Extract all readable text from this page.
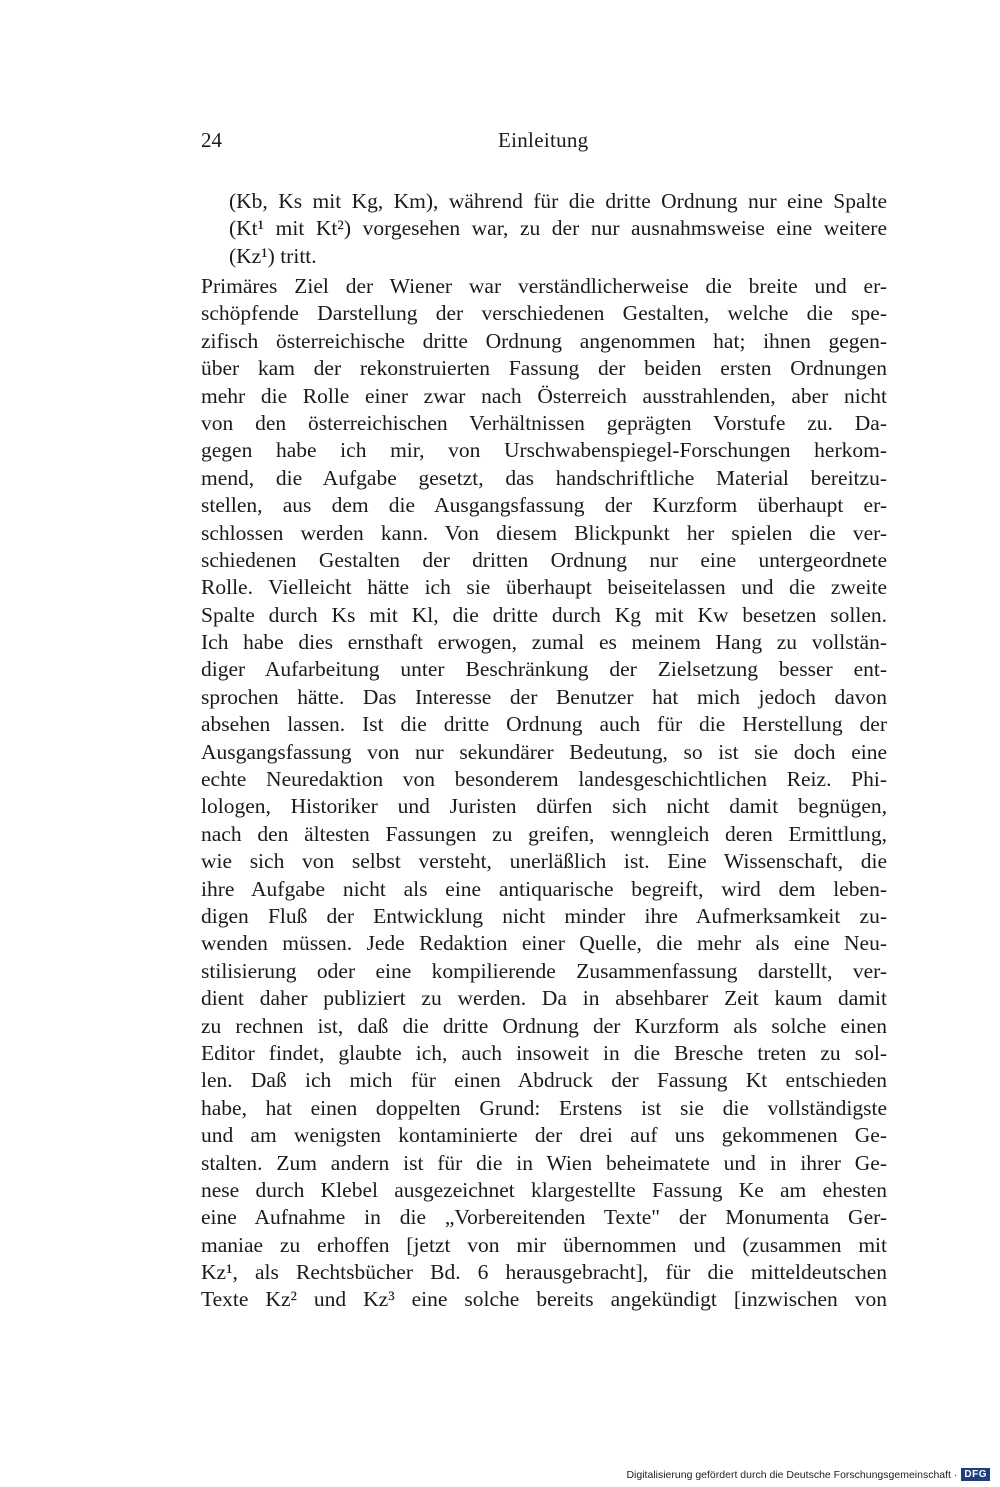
24	Einleitung
(Kb, Ks mit Kg, Km), während für die dritte Ordnung nur eine Spalte
(Kt¹ mit Kt²) vorgesehen war, zu der nur ausnahmsweise eine weitere
(Kz¹) tritt.
Primäres Ziel der Wiener war verständlicherweise die breite und er-
schöpfende Darstellung der verschiedenen Gestalten, welche die spe-
zifisch österreichische dritte Ordnung angenommen hat; ihnen gegen-
über kam der rekonstruierten Fassung der beiden ersten Ordnungen
mehr die Rolle einer zwar nach Österreich ausstrahlenden, aber nicht
von den österreichischen Verhältnissen geprägten Vorstufe zu. Da-
gegen habe ich mir, von Urschwabenspiegel-Forschungen herkom-
mend, die Aufgabe gesetzt, das handschriftliche Material bereitzu-
stellen, aus dem die Ausgangsfassung der Kurzform überhaupt er-
schlossen werden kann. Von diesem Blickpunkt her spielen die ver-
schiedenen Gestalten der dritten Ordnung nur eine untergeordnete
Rolle. Vielleicht hätte ich sie überhaupt beiseitelassen und die zweite
Spalte durch Ks mit Kl, die dritte durch Kg mit Kw besetzen sollen.
Ich habe dies ernsthaft erwogen, zumal es meinem Hang zu vollstän-
diger Aufarbeitung unter Beschränkung der Zielsetzung besser ent-
sprochen hätte. Das Interesse der Benutzer hat mich jedoch davon
absehen lassen. Ist die dritte Ordnung auch für die Herstellung der
Ausgangsfassung von nur sekundärer Bedeutung, so ist sie doch eine
echte Neuredaktion von besonderem landesgeschichtlichen Reiz. Phi-
lologen, Historiker und Juristen dürfen sich nicht damit begnügen,
nach den ältesten Fassungen zu greifen, wenngleich deren Ermittlung,
wie sich von selbst versteht, unerläßlich ist. Eine Wissenschaft, die
ihre Aufgabe nicht als eine antiquarische begreift, wird dem leben-
digen Fluß der Entwicklung nicht minder ihre Aufmerksamkeit zu-
wenden müssen. Jede Redaktion einer Quelle, die mehr als eine Neu-
stilisierung oder eine kompilierende Zusammenfassung darstellt, ver-
dient daher publiziert zu werden. Da in absehbarer Zeit kaum damit
zu rechnen ist, daß die dritte Ordnung der Kurzform als solche einen
Editor findet, glaubte ich, auch insoweit in die Bresche treten zu sol-
len. Daß ich mich für einen Abdruck der Fassung Kt entschieden
habe, hat einen doppelten Grund: Erstens ist sie die vollständigste
und am wenigsten kontaminierte der drei auf uns gekommenen Ge-
stalten. Zum andern ist für die in Wien beheimatete und in ihrer Ge-
nese durch Klebel ausgezeichnet klargestellte Fassung Ke am ehesten
eine Aufnahme in die „Vorbereitenden Texte" der Monumenta Ger-
maniae zu erhoffen [jetzt von mir übernommen und (zusammen mit
Kz¹, als Rechtsbücher Bd. 6 herausgebracht], für die mitteldeutschen
Texte Kz² und Kz³ eine solche bereits angekündigt [inzwischen von
Digitalisierung gefördert durch die Deutsche Forschungsgemeinschaft · DFG
